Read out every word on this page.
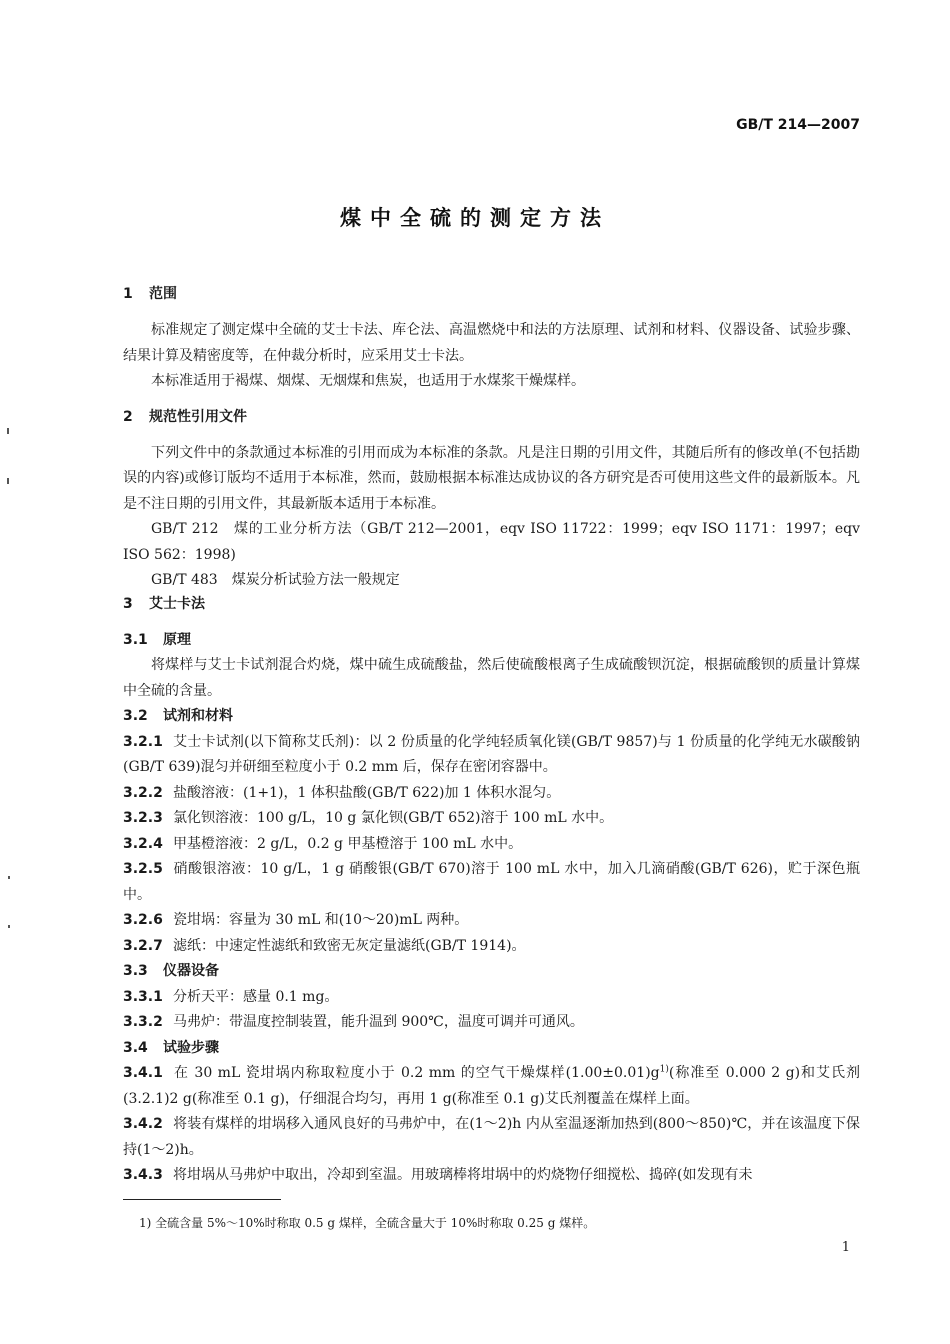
GB/T 214—2007
煤中全硫的测定方法
1 范围
标准规定了测定煤中全硫的艾士卡法、库仑法、高温燃烧中和法的方法原理、试剂和材料、仪器设备、试验步骤、结果计算及精密度等，在仲裁分析时，应采用艾士卡法。
本标准适用于褐煤、烟煤、无烟煤和焦炭，也适用于水煤浆干燥煤样。
2 规范性引用文件
下列文件中的条款通过本标准的引用而成为本标准的条款。凡是注日期的引用文件，其随后所有的修改单(不包括勘误的内容)或修订版均不适用于本标准，然而，鼓励根据本标准达成协议的各方研究是否可使用这些文件的最新版本。凡是不注日期的引用文件，其最新版本适用于本标准。
GB/T 212　煤的工业分析方法（GB/T 212—2001，eqv ISO 11722：1999；eqv ISO 1171：1997；eqv ISO 562：1998)
GB/T 483　煤炭分析试验方法一般规定
3 艾士卡法
3.1 原理
将煤样与艾士卡试剂混合灼烧，煤中硫生成硫酸盐，然后使硫酸根离子生成硫酸钡沉淀，根据硫酸钡的质量计算煤中全硫的含量。
3.2 试剂和材料
3.2.1 艾士卡试剂(以下简称艾氏剂)：以 2 份质量的化学纯轻质氧化镁(GB/T 9857)与 1 份质量的化学纯无水碳酸钠(GB/T 639)混匀并研细至粒度小于 0.2 mm 后，保存在密闭容器中。
3.2.2 盐酸溶液：(1+1)，1 体积盐酸(GB/T 622)加 1 体积水混匀。
3.2.3 氯化钡溶液：100 g/L，10 g 氯化钡(GB/T 652)溶于 100 mL 水中。
3.2.4 甲基橙溶液：2 g/L，0.2 g 甲基橙溶于 100 mL 水中。
3.2.5 硝酸银溶液：10 g/L，1 g 硝酸银(GB/T 670)溶于 100 mL 水中，加入几滴硝酸(GB/T 626)，贮于深色瓶中。
3.2.6 瓷坩埚：容量为 30 mL 和(10～20)mL 两种。
3.2.7 滤纸：中速定性滤纸和致密无灰定量滤纸(GB/T 1914)。
3.3 仪器设备
3.3.1 分析天平：感量 0.1 mg。
3.3.2 马弗炉：带温度控制装置，能升温到 900℃，温度可调并可通风。
3.4 试验步骤
3.4.1 在 30 mL 瓷坩埚内称取粒度小于 0.2 mm 的空气干燥煤样$(1.00\pm 0.01)g^{1)}$(称准至 0.000 2 g)和艾氏剂(3.2.1)2 g(称准至 0.1 g)，仔细混合均匀，再用 1 g(称准至 0.1 g)艾氏剂覆盖在煤样上面。
3.4.2 将装有煤样的坩埚移入通风良好的马弗炉中，在(1～2)h 内从室温逐渐加热到(800～850)℃，并在该温度下保持(1～2)h。
3.4.3 将坩埚从马弗炉中取出，冷却到室温。用玻璃棒将坩埚中的灼烧物仔细搅松、捣碎(如发现有未
1) 全硫含量 5%～10%时称取 0.5 g 煤样，全硫含量大于 10%时称取 0.25 g 煤样。
1
